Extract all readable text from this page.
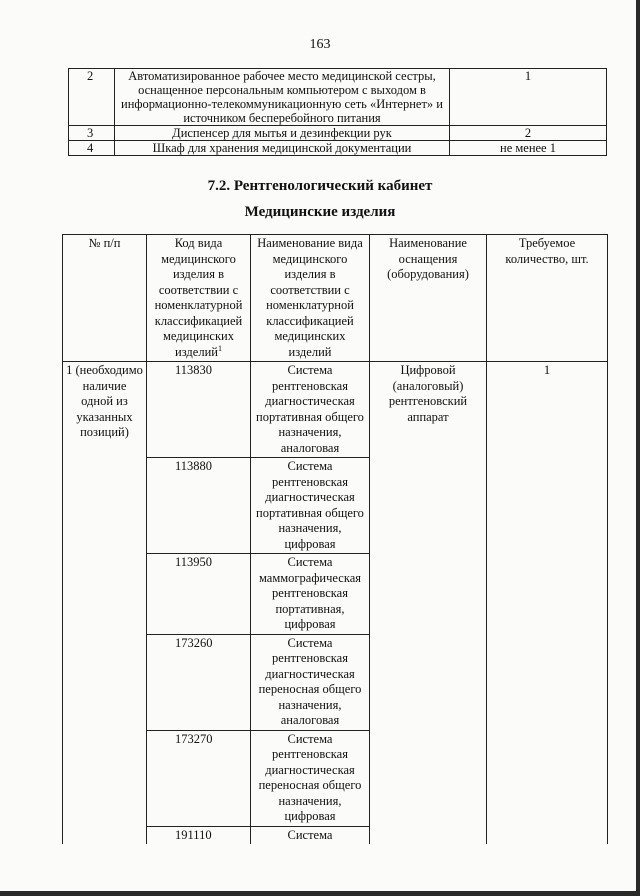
163
2	Автоматизированное рабочее место медицинской сестры, оснащенное персональным компьютером с выходом в информационно-телекоммуникационную сеть «Интернет» и источником бесперебойного питания	1
3	Диспенсер для мытья и дезинфекции рук	2
4	Шкаф для хранения медицинской документации	не менее 1
7.2. Рентгенологический кабинет
Медицинские изделия
№ п/п	Код вида медицинского изделия в соответствии с номенклатурной классификацией медицинских изделий$^1$	Наименование вида медицинского изделия в соответствии с номенклатурной классификацией медицинских изделий	Наименование оснащения (оборудования)	Требуемое количество, шт.
1 (необходимо наличие одной из указанных позиций)	113830	Система рентгеновская диагностическая портативная общего назначения, аналоговая	Цифровой (аналоговый) рентгеновский аппарат	1
	113880	Система рентгеновская диагностическая портативная общего назначения, цифровая		
	113950	Система маммографическая рентгеновская портативная, цифровая		
	173260	Система рентгеновская диагностическая переносная общего назначения, аналоговая		
	173270	Система рентгеновская диагностическая переносная общего назначения, цифровая		
	191110	Система		
